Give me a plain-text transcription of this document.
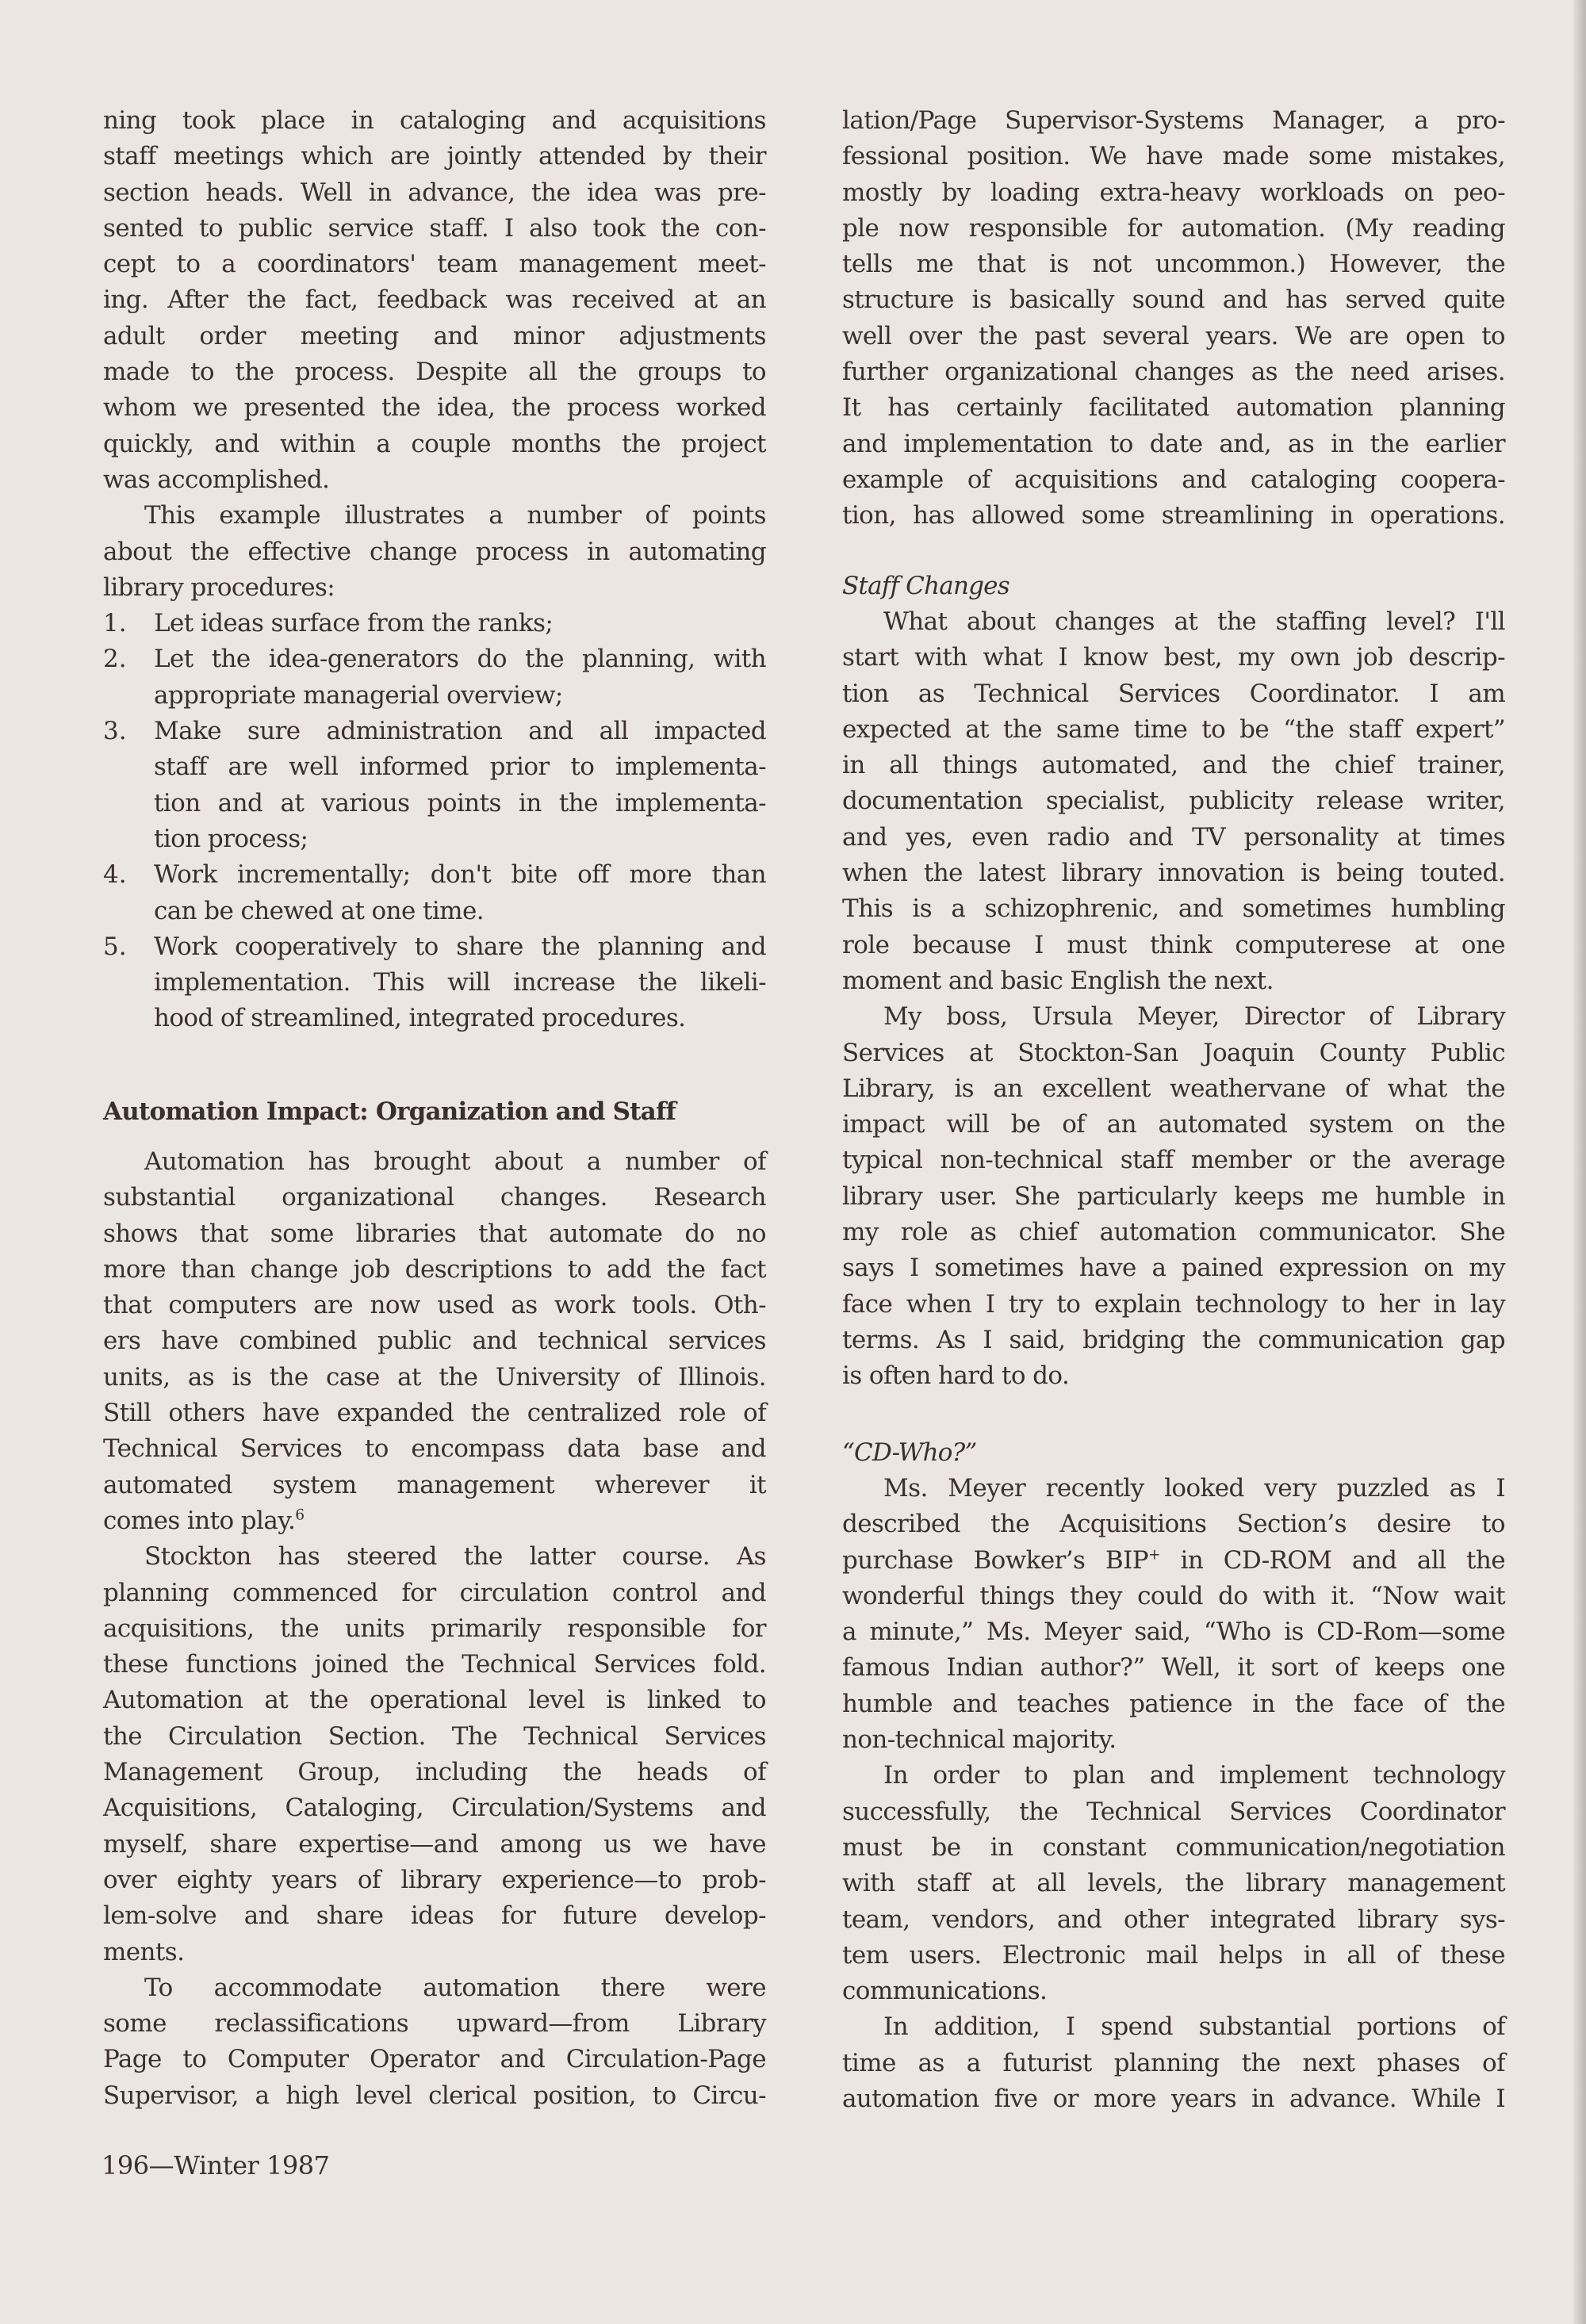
ning took place in cataloging and acquisitions
staff meetings which are jointly attended by their
section heads. Well in advance, the idea was pre-
sented to public service staff. I also took the con-
cept to a coordinators' team management meet-
ing. After the fact, feedback was received at an
adult order meeting and minor adjustments
made to the process. Despite all the groups to
whom we presented the idea, the process worked
quickly, and within a couple months the project
was accomplished.
This example illustrates a number of points
about the effective change process in automating
library procedures:
1.	Let ideas surface from the ranks;
2.	Let the idea-generators do the planning, with
appropriate managerial overview;
3.	Make sure administration and all impacted
staff are well informed prior to implementa-
tion and at various points in the implementa-
tion process;
4.	Work incrementally; don't bite off more than
can be chewed at one time.
5.	Work cooperatively to share the planning and
implementation. This will increase the likeli-
hood of streamlined, integrated procedures.
Automation Impact: Organization and Staff
Automation has brought about a number of
substantial organizational changes. Research
shows that some libraries that automate do no
more than change job descriptions to add the fact
that computers are now used as work tools. Oth-
ers have combined public and technical services
units, as is the case at the University of Illinois.
Still others have expanded the centralized role of
Technical Services to encompass data base and
automated system management wherever it
comes into play.$^6$
Stockton has steered the latter course. As
planning commenced for circulation control and
acquisitions, the units primarily responsible for
these functions joined the Technical Services fold.
Automation at the operational level is linked to
the Circulation Section. The Technical Services
Management Group, including the heads of
Acquisitions, Cataloging, Circulation/Systems and
myself, share expertise—and among us we have
over eighty years of library experience—to prob-
lem-solve and share ideas for future develop-
ments.
To accommodate automation there were
some reclassifications upward—from Library
Page to Computer Operator and Circulation-Page
Supervisor, a high level clerical position, to Circu-
lation/Page Supervisor-Systems Manager, a pro-
fessional position. We have made some mistakes,
mostly by loading extra-heavy workloads on peo-
ple now responsible for automation. (My reading
tells me that is not uncommon.) However, the
structure is basically sound and has served quite
well over the past several years. We are open to
further organizational changes as the need arises.
It has certainly facilitated automation planning
and implementation to date and, as in the earlier
example of acquisitions and cataloging coopera-
tion, has allowed some streamlining in operations.
Staff Changes
What about changes at the staffing level? I'll
start with what I know best, my own job descrip-
tion as Technical Services Coordinator. I am
expected at the same time to be “the staff expert”
in all things automated, and the chief trainer,
documentation specialist, publicity release writer,
and yes, even radio and TV personality at times
when the latest library innovation is being touted.
This is a schizophrenic, and sometimes humbling
role because I must think computerese at one
moment and basic English the next.
My boss, Ursula Meyer, Director of Library
Services at Stockton-San Joaquin County Public
Library, is an excellent weathervane of what the
impact will be of an automated system on the
typical non-technical staff member or the average
library user. She particularly keeps me humble in
my role as chief automation communicator. She
says I sometimes have a pained expression on my
face when I try to explain technology to her in lay
terms. As I said, bridging the communication gap
is often hard to do.
“CD-Who?”
Ms. Meyer recently looked very puzzled as I
described the Acquisitions Section’s desire to
purchase Bowker’s BIP+ in CD-ROM and all the
wonderful things they could do with it. “Now wait
a minute,” Ms. Meyer said, “Who is CD-Rom—some
famous Indian author?” Well, it sort of keeps one
humble and teaches patience in the face of the
non-technical majority.
In order to plan and implement technology
successfully, the Technical Services Coordinator
must be in constant communication/negotiation
with staff at all levels, the library management
team, vendors, and other integrated library sys-
tem users. Electronic mail helps in all of these
communications.
In addition, I spend substantial portions of
time as a futurist planning the next phases of
automation five or more years in advance. While I
196—Winter 1987
